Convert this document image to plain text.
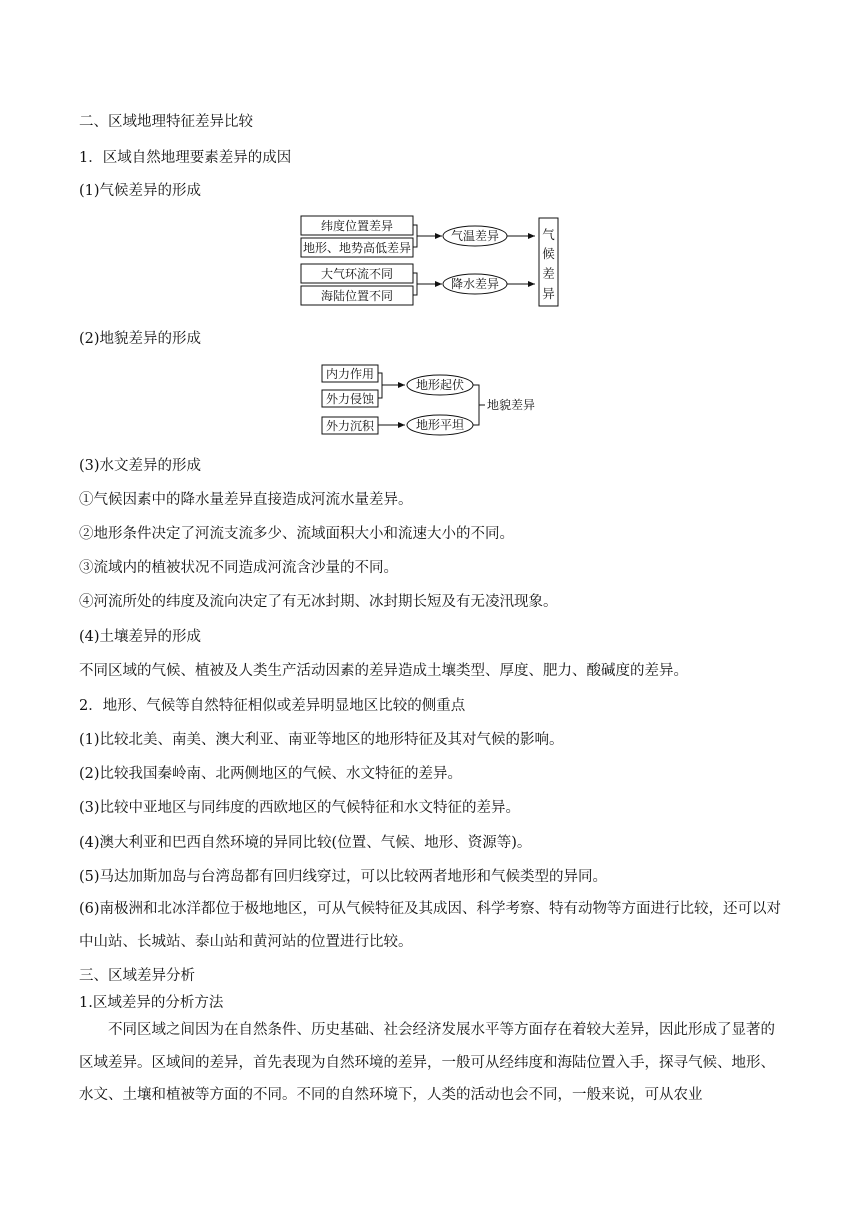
二、区域地理特征差异比较
1．区域自然地理要素差异的成因
(1)气候差异的形成
纬度位置差异
地形、地势高低差异
大气环流不同
海陆位置不同
气温差异
降水差异
气
候
差
异
(2)地貌差异的形成
内力作用
外力侵蚀
外力沉积
地形起伏
地形平坦
地貌差异
(3)水文差异的形成
①气候因素中的降水量差异直接造成河流水量差异。
②地形条件决定了河流支流多少、流域面积大小和流速大小的不同。
③流域内的植被状况不同造成河流含沙量的不同。
④河流所处的纬度及流向决定了有无冰封期、冰封期长短及有无凌汛现象。
(4)土壤差异的形成
不同区域的气候、植被及人类生产活动因素的差异造成土壤类型、厚度、肥力、酸碱度的差异。
2．地形、气候等自然特征相似或差异明显地区比较的侧重点
(1)比较北美、南美、澳大利亚、南亚等地区的地形特征及其对气候的影响。
(2)比较我国秦岭南、北两侧地区的气候、水文特征的差异。
(3)比较中亚地区与同纬度的西欧地区的气候特征和水文特征的差异。
(4)澳大利亚和巴西自然环境的异同比较(位置、气候、地形、资源等)。
(5)马达加斯加岛与台湾岛都有回归线穿过，可以比较两者地形和气候类型的异同。
(6)南极洲和北冰洋都位于极地地区，可从气候特征及其成因、科学考察、特有动物等方面进行比较，还可以对中山站、长城站、泰山站和黄河站的位置进行比较。
三、区域差异分析
1.区域差异的分析方法
不同区域之间因为在自然条件、历史基础、社会经济发展水平等方面存在着较大差异，因此形成了显著的区域差异。区域间的差异，首先表现为自然环境的差异，一般可从经纬度和海陆位置入手，探寻气候、地形、水文、土壤和植被等方面的不同。不同的自然环境下，人类的活动也会不同，一般来说，可从农业
